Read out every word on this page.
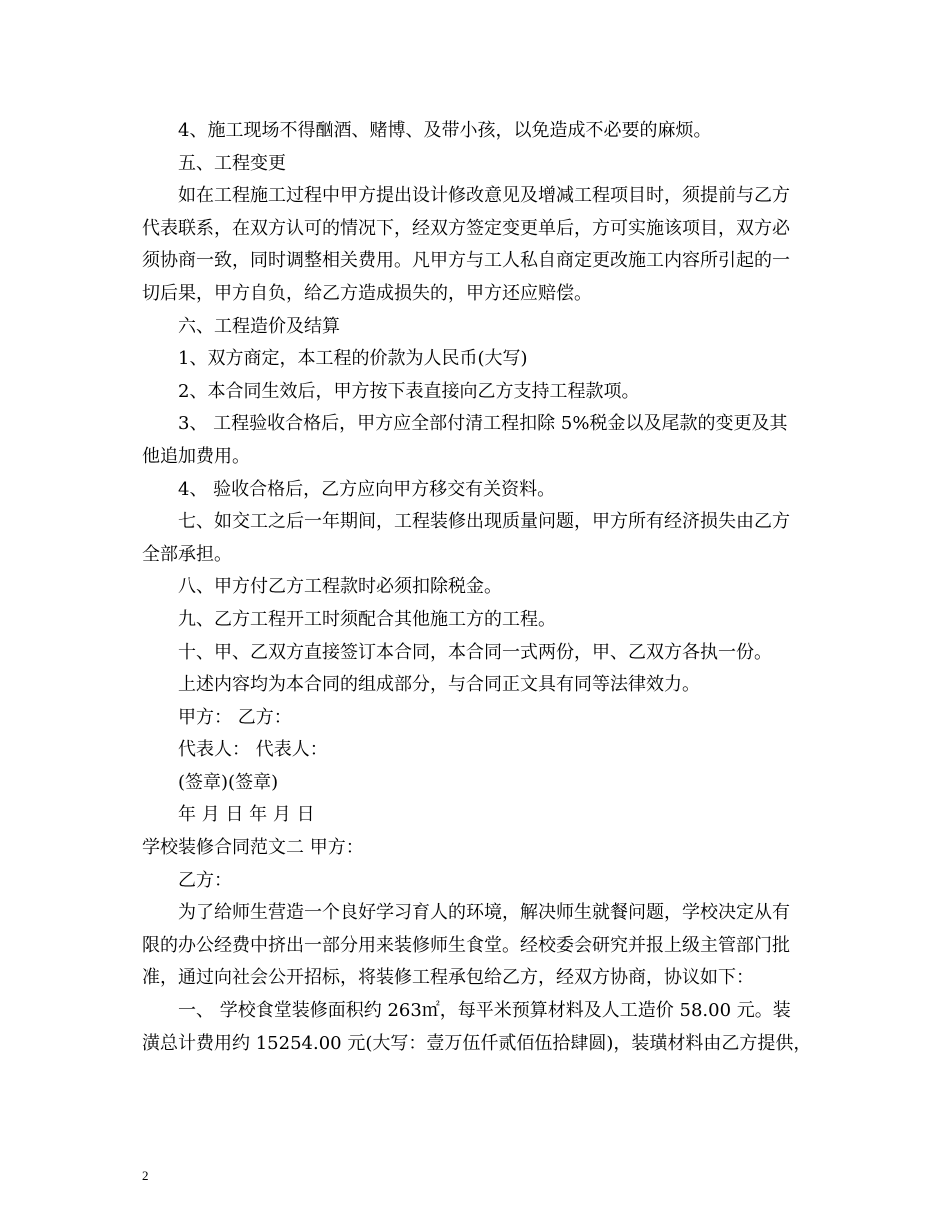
4、施工现场不得酗酒、赌博、及带小孩，以免造成不必要的麻烦。
五、工程变更
如在工程施工过程中甲方提出设计修改意见及增减工程项目时，须提前与乙方
代表联系，在双方认可的情况下，经双方签定变更单后，方可实施该项目，双方必
须协商一致，同时调整相关费用。凡甲方与工人私自商定更改施工内容所引起的一
切后果，甲方自负，给乙方造成损失的，甲方还应赔偿。
六、工程造价及结算
1、双方商定，本工程的价款为人民币(大写)
2、本合同生效后，甲方按下表直接向乙方支持工程款项。
3、 工程验收合格后，甲方应全部付清工程扣除 5%税金以及尾款的变更及其
他追加费用。
4、 验收合格后，乙方应向甲方移交有关资料。
七、如交工之后一年期间，工程装修出现质量问题，甲方所有经济损失由乙方
全部承担。
八、甲方付乙方工程款时必须扣除税金。
九、乙方工程开工时须配合其他施工方的工程。
十、甲、乙双方直接签订本合同，本合同一式两份，甲、乙双方各执一份。
上述内容均为本合同的组成部分，与合同正文具有同等法律效力。
甲方： 乙方：
代表人： 代表人：
(签章)(签章)
年 月 日 年 月 日
学校装修合同范文二 甲方：
乙方：
为了给师生营造一个良好学习育人的环境，解决师生就餐问题，学校决定从有
限的办公经费中挤出一部分用来装修师生食堂。经校委会研究并报上级主管部门批
准，通过向社会公开招标，将装修工程承包给乙方，经双方协商，协议如下：
一、 学校食堂装修面积约 263㎡，每平米预算材料及人工造价 58.00 元。装
潢总计费用约 15254.00 元(大写：壹万伍仟贰佰伍拾肆圆)，装璜材料由乙方提供，
2
